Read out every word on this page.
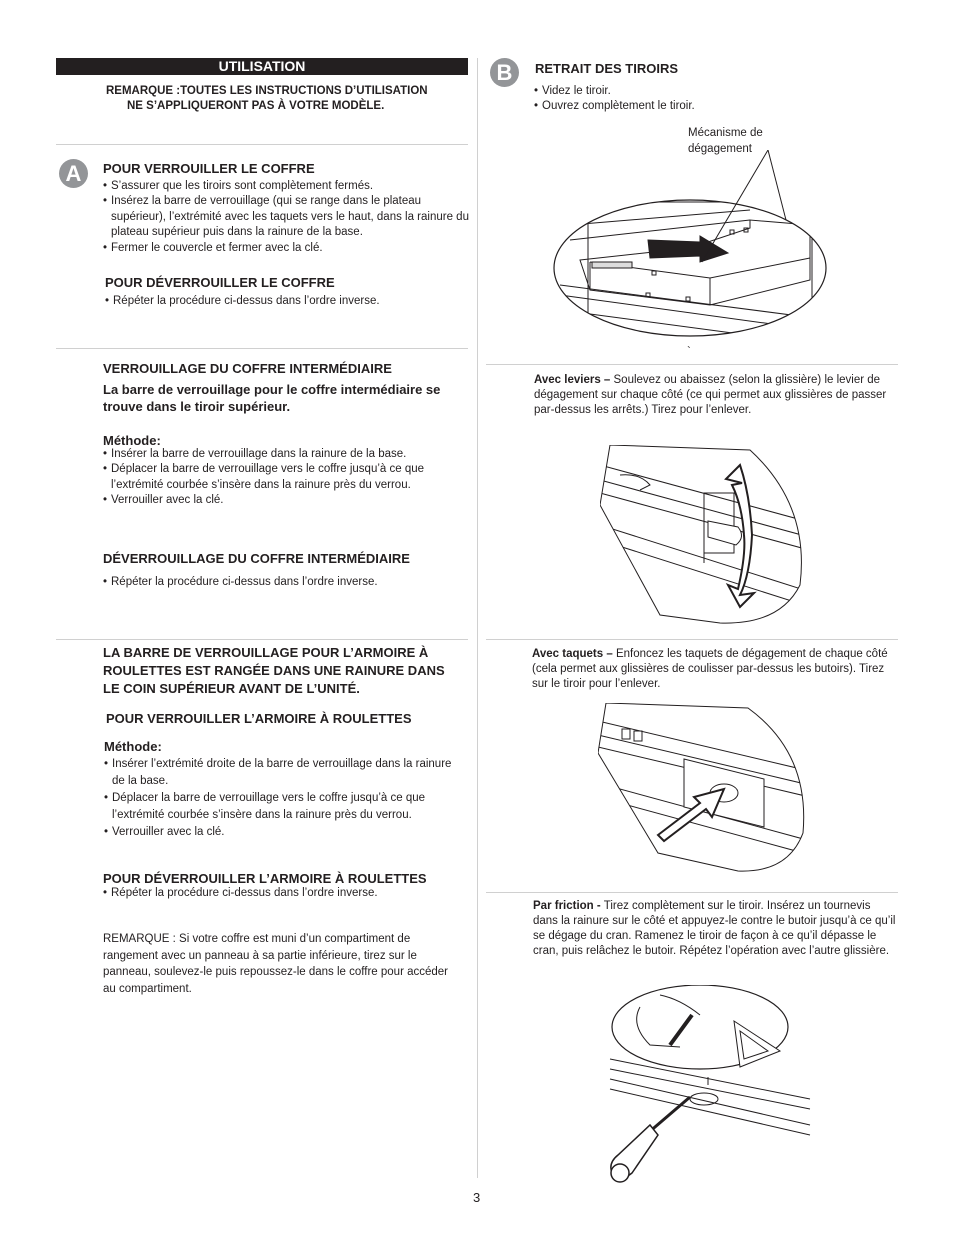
UTILISATION
REMARQUE :TOUTES LES INSTRUCTIONS D’UTILISATION
NE S’APPLIQUERONT PAS À VOTRE MODÈLE.
A	POUR VERROUILLER LE COFFRE
• S’assurer que les tiroirs sont complètement fermés.
• Insérez la barre de verrouillage (qui se range dans le plateau supérieur), l’extrémité avec les taquets vers le haut, dans la rainure du plateau supérieur puis dans la rainure de la base.
• Fermer le couvercle et fermer avec la clé.
POUR DÉVERROUILLER LE COFFRE
• Répéter la procédure ci-dessus dans l’ordre inverse.
VERROUILLAGE DU COFFRE INTERMÉDIAIRE
La barre de verrouillage pour le coffre intermédiaire se trouve dans le tiroir supérieur.
Méthode:
• Insérer la barre de verrouillage dans la rainure de la base.
• Déplacer la barre de verrouillage vers le coffre jusqu’à ce que l’extrémité courbée s’insère dans la rainure près du verrou.
• Verrouiller avec la clé.
DÉVERROUILLAGE DU COFFRE INTERMÉDIAIRE
• Répéter la procédure ci-dessus dans l’ordre inverse.
LA BARRE DE VERROUILLAGE POUR L’ARMOIRE À ROULETTES EST RANGÉE DANS UNE RAINURE DANS LE COIN SUPÉRIEUR AVANT DE L’UNITÉ.
POUR VERROUILLER L’ARMOIRE À ROULETTES
Méthode:
• Insérer l’extrémité droite de la barre de verrouillage dans la rainure de la base.
• Déplacer la barre de verrouillage vers le coffre jusqu’à ce que l’extrémité courbée s’insère dans la rainure près du verrou.
• Verrouiller avec la clé.
POUR DÉVERROUILLER L’ARMOIRE À ROULETTES
• Répéter la procédure ci-dessus dans l’ordre inverse.
REMARQUE : Si votre coffre est muni d’un compartiment de rangement avec un panneau à sa partie inférieure, tirez sur le panneau, soulevez-le puis repoussez-le dans le coffre pour accéder au compartiment.
B	RETRAIT DES TIROIRS
• Videz le tiroir.
• Ouvrez complètement le tiroir.
Mécanisme de dégagement
`
Avec leviers – Soulevez ou abaissez (selon la glissière) le levier de dégagement sur chaque côté (ce qui permet aux glissières de passer par-dessus les arrêts.) Tirez pour l’enlever.
Avec taquets – Enfoncez les taquets de dégagement de chaque côté (cela permet aux glissières de coulisser par-dessus les butoirs). Tirez sur le tiroir pour l’enlever.
Par friction - Tirez complètement sur le tiroir. Insérez un tournevis dans la rainure sur le côté et appuyez-le contre le butoir jusqu’à ce qu’il se dégage du cran. Ramenez le tiroir de façon à ce qu’il dépasse le cran, puis relâchez le butoir. Répétez l’opération avec l’autre glissière.
3
